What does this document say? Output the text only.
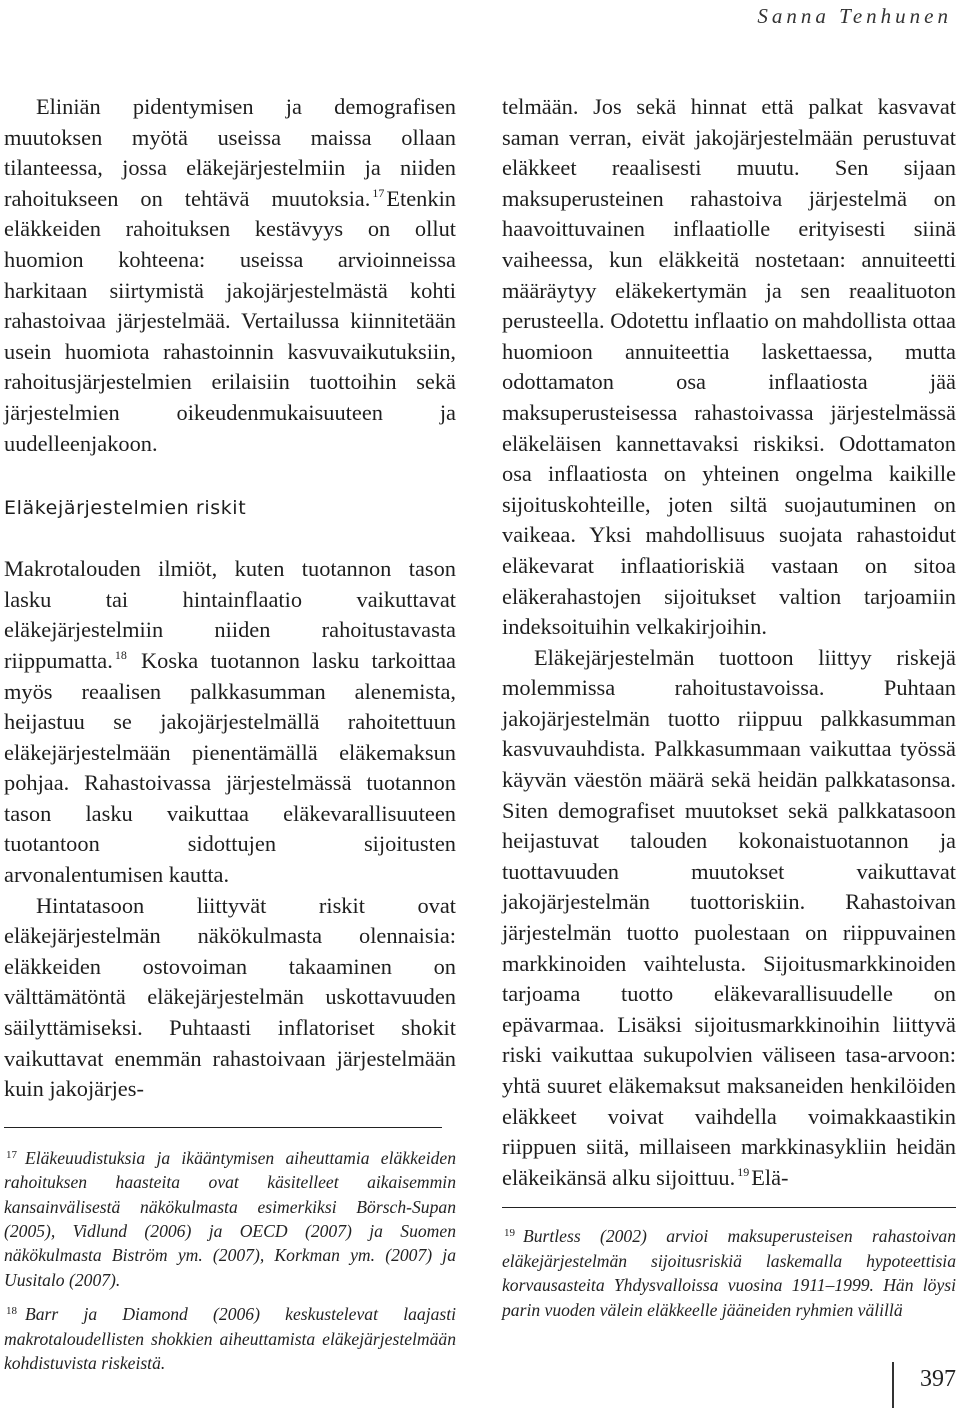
Sanna Tenhunen

Eliniän pidentymisen ja demografisen muutoksen myötä useissa maissa ollaan tilanteessa, jossa eläkejärjestelmiin ja niiden rahoitukseen on tehtävä muutoksia. $^{17}$Etenkin eläkkeiden rahoituksen kestävyys on ollut huomion kohteena: useissa arvioinneissa harkitaan siirtymistä jakojärjestelmästä kohti rahastoivaa järjestelmää. Vertailussa kiinnitetään usein huomiota rahastoinnin kasvuvaikutuksiin, rahoitusjärjestelmien erilaisiin tuottoihin sekä järjestelmien oikeudenmukaisuuteen ja uudelleenjakoon.

Eläkejärjestelmien riskit

Makrotalouden ilmiöt, kuten tuotannon tason lasku tai hintainflaatio vaikuttavat eläkejärjestelmiin niiden rahoitustavasta riippumatta. $^{18}$ Koska tuotannon lasku tarkoittaa myös reaalisen palkkasumman alenemista, heijastuu se jakojärjestelmällä rahoitettuun eläkejärjestelmään pienentämällä eläkemaksun pohjaa. Rahastoivassa järjestelmässä tuotannon tason lasku vaikuttaa eläkevarallisuuteen tuotantoon sidottujen sijoitusten arvonalentumisen kautta.

Hintatasoon liittyvät riskit ovat eläkejärjestelmän näkökulmasta olennaisia: eläkkeiden ostovoiman takaaminen on välttämätöntä eläkejärjestelmän uskottavuuden säilyttämiseksi. Puhtaasti inflatoriset shokit vaikuttavat enemmän rahastoivaan järjestelmään kuin jakojärjes-

$^{17}$ Eläkeuudistuksia ja ikääntymisen aiheuttamia eläkkeiden rahoituksen haasteita ovat käsitelleet aikaisemmin kansainvälisestä näkökulmasta esimerkiksi Börsch-Supan (2005), Vidlund (2006) ja OECD (2007) ja Suomen näkökulmasta Biström ym. (2007), Korkman ym. (2007) ja Uusitalo (2007).
$^{18}$ Barr ja Diamond (2006) keskustelevat laajasti makrotaloudellisten shokkien aiheuttamista eläkejärjestelmään kohdistuvista riskeistä.

telmään. Jos sekä hinnat että palkat kasvavat saman verran, eivät jakojärjestelmään perustuvat eläkkeet reaalisesti muutu. Sen sijaan maksuperusteinen rahastoiva järjestelmä on haavoittuvainen inflaatiolle erityisesti siinä vaiheessa, kun eläkkeitä nostetaan: annuiteetti määräytyy eläkekertymän ja sen reaalituoton perusteella. Odotettu inflaatio on mahdollista ottaa huomioon annuiteettia laskettaessa, mutta odottamaton osa inflaatiosta jää maksuperusteisessa rahastoivassa järjestelmässä eläkeläisen kannettavaksi riskiksi. Odottamaton osa inflaatiosta on yhteinen ongelma kaikille sijoituskohteille, joten siltä suojautuminen on vaikeaa. Yksi mahdollisuus suojata rahastoidut eläkevarat inflaatioriskiä vastaan on sitoa eläkerahastojen sijoitukset valtion tarjoamiin indeksoituihin velkakirjoihin.

Eläkejärjestelmän tuottoon liittyy riskejä molemmissa rahoitustavoissa. Puhtaan jakojärjestelmän tuotto riippuu palkkasumman kasvuvauhdista. Palkkasummaan vaikuttaa työssä käyvän väestön määrä sekä heidän palkkatasonsa. Siten demografiset muutokset sekä palkkatasoon heijastuvat talouden kokonaistuotannon ja tuottavuuden muutokset vaikuttavat jakojärjestelmän tuottoriskiin. Rahastoivan järjestelmän tuotto puolestaan on riippuvainen markkinoiden vaihtelusta. Sijoitusmarkkinoiden tarjoama tuotto eläkevarallisuudelle on epävarmaa. Lisäksi sijoitusmarkkinoihin liittyvä riski vaikuttaa sukupolvien väliseen tasa-arvoon: yhtä suuret eläkemaksut maksaneiden henkilöiden eläkkeet voivat vaihdella voimakkaastikin riippuen siitä, millaiseen markkinasykliin heidän eläkeikänsä alku sijoittuu. $^{19}$Elä-

$^{19}$ Burtless (2002) arvioi maksuperusteisen rahastoivan eläkejärjestelmän sijoitusriskiä laskemalla hypoteettisia korvausasteita Yhdysvalloissa vuosina 1911–1999. Hän löysi parin vuoden välein eläkkeelle jääneiden ryhmien välillä
397
